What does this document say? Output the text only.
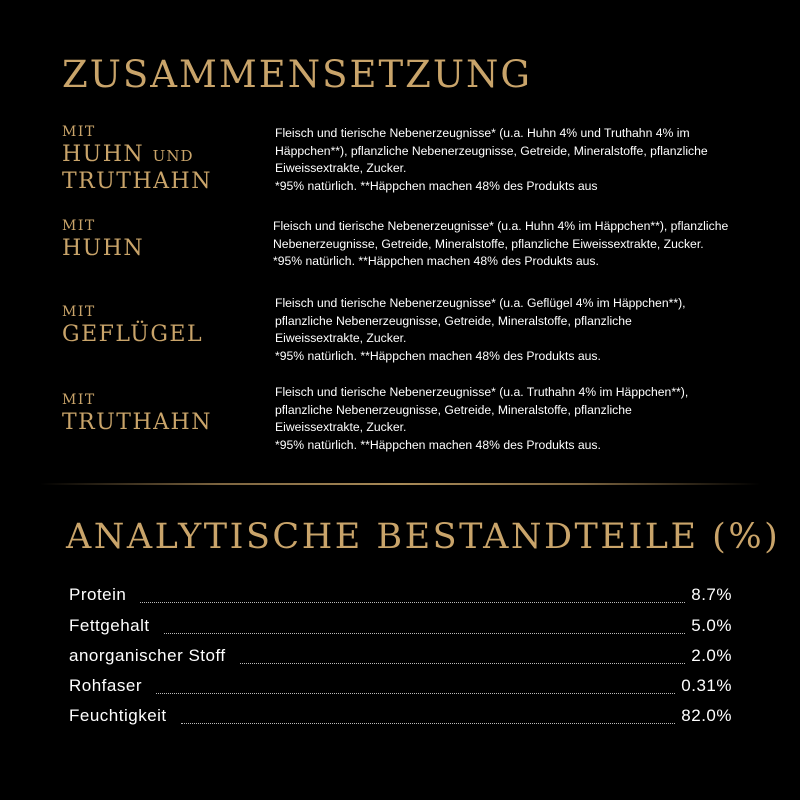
ZUSAMMENSETZUNG
MIT
HUHN UND
TRUTHAHN
Fleisch und tierische Nebenerzeugnisse* (u.a. Huhn 4% und Truthahn 4% im
Häppchen**), pflanzliche Nebenerzeugnisse, Getreide, Mineralstoffe, pflanzliche
Eiweissextrakte, Zucker.
*95% natürlich. **Häppchen machen 48% des Produkts aus
MIT
HUHN
Fleisch und tierische Nebenerzeugnisse* (u.a. Huhn 4% im Häppchen**), pflanzliche
Nebenerzeugnisse, Getreide, Mineralstoffe, pflanzliche Eiweissextrakte, Zucker.
*95% natürlich. **Häppchen machen 48% des Produkts aus.
MIT
GEFLÜGEL
Fleisch und tierische Nebenerzeugnisse* (u.a. Geflügel 4% im Häppchen**),
pflanzliche Nebenerzeugnisse, Getreide, Mineralstoffe, pflanzliche
Eiweissextrakte, Zucker.
*95% natürlich. **Häppchen machen 48% des Produkts aus.
MIT
TRUTHAHN
Fleisch und tierische Nebenerzeugnisse* (u.a. Truthahn 4% im Häppchen**),
pflanzliche Nebenerzeugnisse, Getreide, Mineralstoffe, pflanzliche
Eiweissextrakte, Zucker.
*95% natürlich. **Häppchen machen 48% des Produkts aus.
ANALYTISCHE BESTANDTEILE (%)
Protein	8.7%
Fettgehalt	5.0%
anorganischer Stoff	2.0%
Rohfaser	0.31%
Feuchtigkeit	82.0%
